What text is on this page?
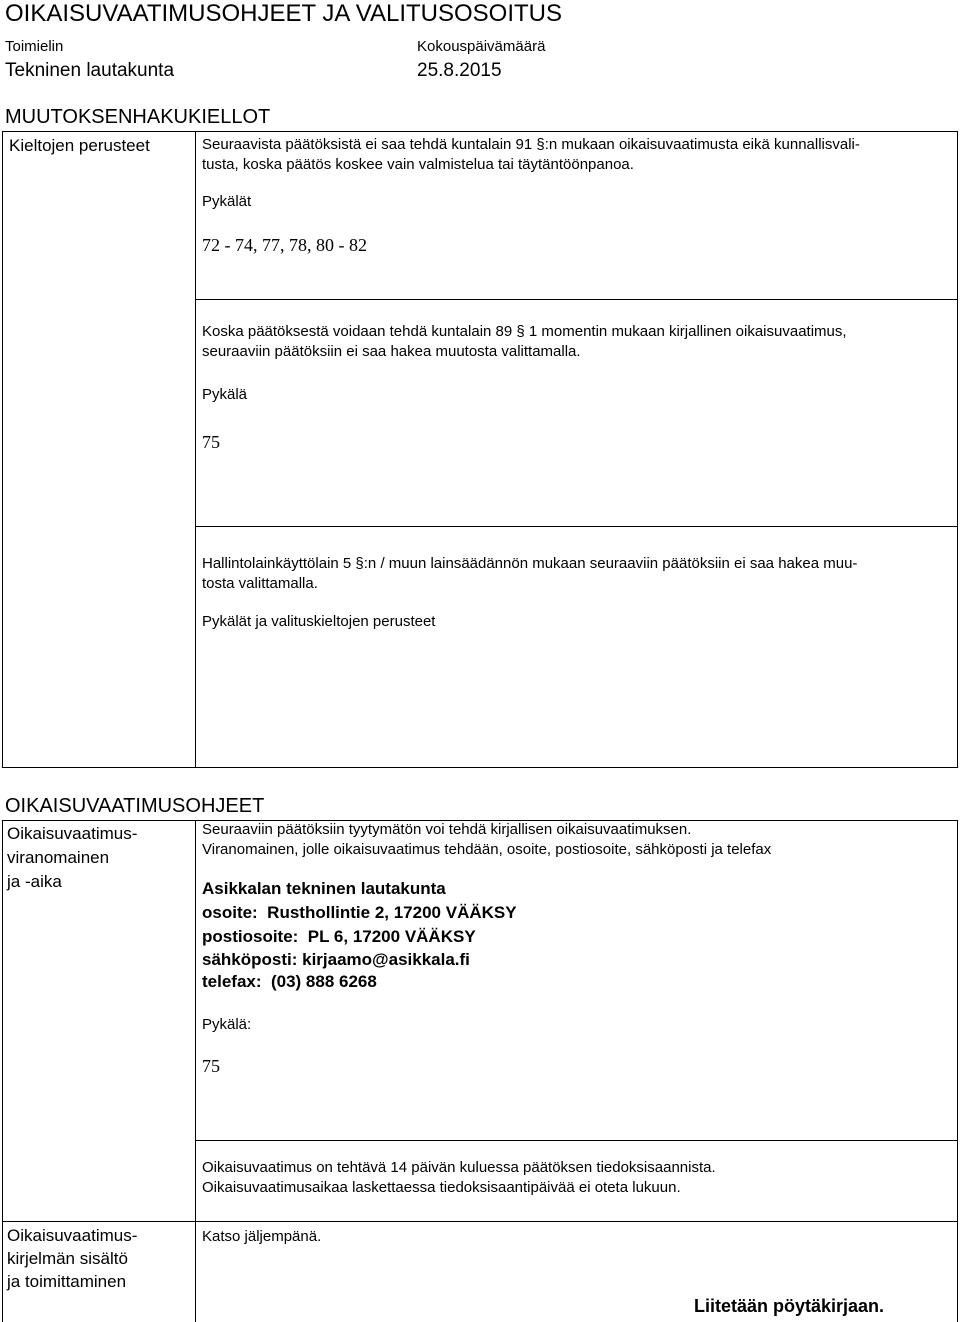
OIKAISUVAATIMUSOHJEET JA VALITUSOSOITUS
Toimielin
Tekninen lautakunta
Kokouspäivämäärä
25.8.2015
MUUTOKSENHAKUKIELLOT
Kieltojen perusteet	Seuraavista päätöksistä ei saa tehdä kuntalain 91 §:n mukaan oikaisuvaatimusta eikä kunnallisvali-
tusta, koska päätös koskee vain valmistelua tai täytäntöönpanoa.
Pykälät
72 - 74, 77, 78, 80 - 82
Koska päätöksestä voidaan tehdä kuntalain 89 § 1 momentin mukaan kirjallinen oikaisuvaatimus,
seuraaviin päätöksiin ei saa hakea muutosta valittamalla.
Pykälä
75
Hallintolainkäyttölain 5 §:n / muun lainsäädännön mukaan seuraaviin päätöksiin ei saa hakea muu-
tosta valittamalla.
Pykälät ja valituskieltojen perusteet
OIKAISUVAATIMUSOHJEET
Oikaisuvaatimus-
viranomainen
ja -aika
Seuraaviin päätöksiin tyytymätön voi tehdä kirjallisen oikaisuvaatimuksen.
Viranomainen, jolle oikaisuvaatimus tehdään, osoite, postiosoite, sähköposti ja telefax
Asikkalan tekninen lautakunta
osoite:  Rusthollintie 2, 17200 VÄÄKSY
postiosoite:  PL 6, 17200 VÄÄKSY
sähköposti: kirjaamo@asikkala.fi
telefax:  (03) 888 6268
Pykälä:
75
Oikaisuvaatimus on tehtävä 14 päivän kuluessa päätöksen tiedoksisaannista.
Oikaisuvaatimusaikaa laskettaessa tiedoksisaantipäivää ei oteta lukuun.
Oikaisuvaatimus-
kirjelmän sisältö
ja toimittaminen
Katso jäljempänä.
Liitetään pöytäkirjaan.
